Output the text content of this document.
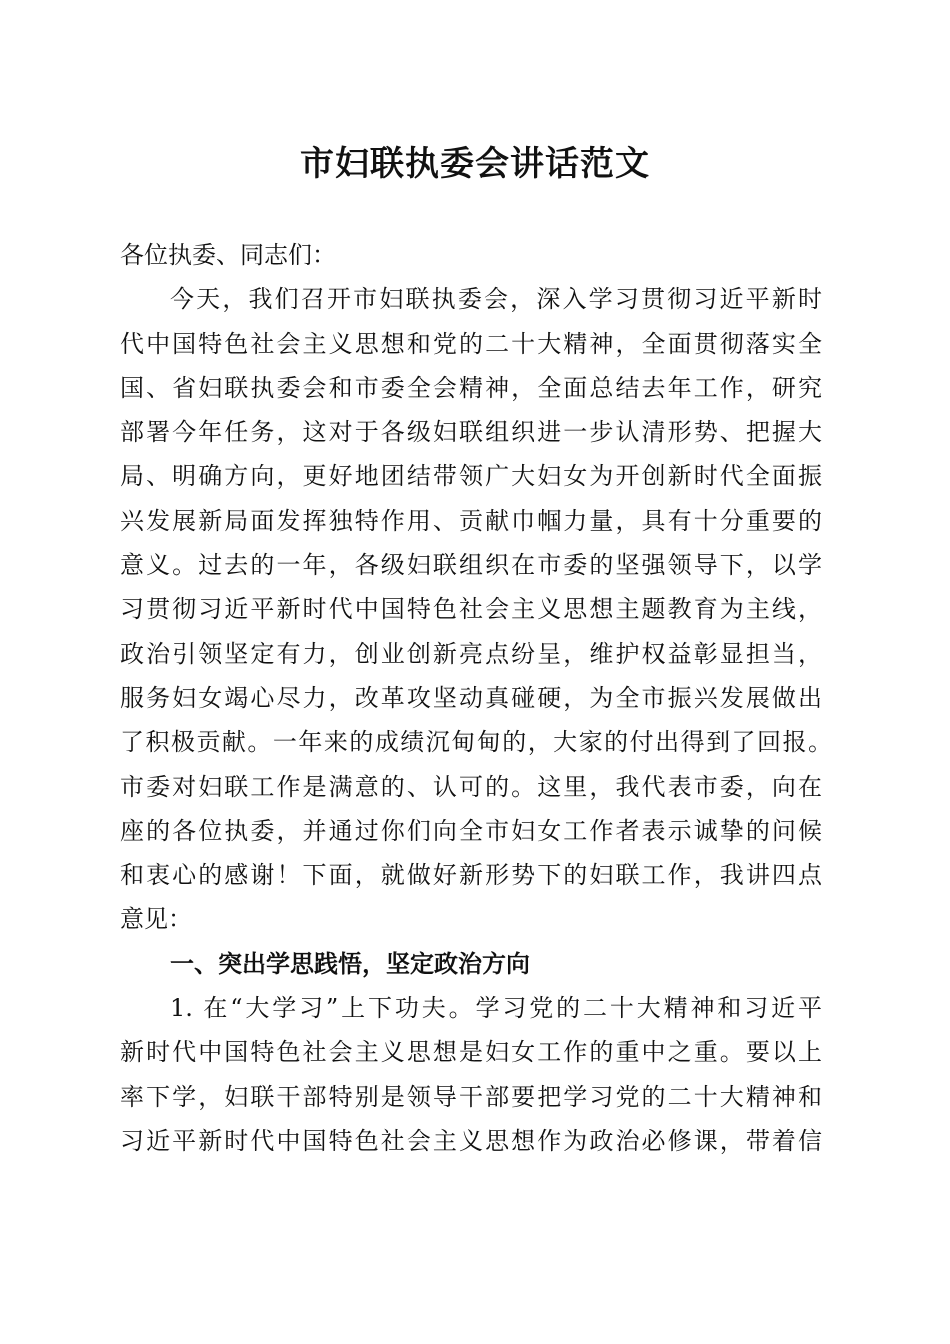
市妇联执委会讲话范文
各位执委、同志们：
今天，我们召开市妇联执委会，深入学习贯彻习近平新时
代中国特色社会主义思想和党的二十大精神，全面贯彻落实全
国、省妇联执委会和市委全会精神，全面总结去年工作，研究
部署今年任务，这对于各级妇联组织进一步认清形势、把握大
局、明确方向，更好地团结带领广大妇女为开创新时代全面振
兴发展新局面发挥独特作用、贡献巾帼力量，具有十分重要的
意义。过去的一年，各级妇联组织在市委的坚强领导下，以学
习贯彻习近平新时代中国特色社会主义思想主题教育为主线，
政治引领坚定有力，创业创新亮点纷呈，维护权益彰显担当，
服务妇女竭心尽力，改革攻坚动真碰硬，为全市振兴发展做出
了积极贡献。一年来的成绩沉甸甸的，大家的付出得到了回报。
市委对妇联工作是满意的、认可的。这里，我代表市委，向在
座的各位执委，并通过你们向全市妇女工作者表示诚挚的问候
和衷心的感谢！下面，就做好新形势下的妇联工作，我讲四点
意见：
一、突出学思践悟，坚定政治方向
1. 在“大学习”上下功夫。学习党的二十大精神和习近平
新时代中国特色社会主义思想是妇女工作的重中之重。要以上
率下学，妇联干部特别是领导干部要把学习党的二十大精神和
习近平新时代中国特色社会主义思想作为政治必修课，带着信
